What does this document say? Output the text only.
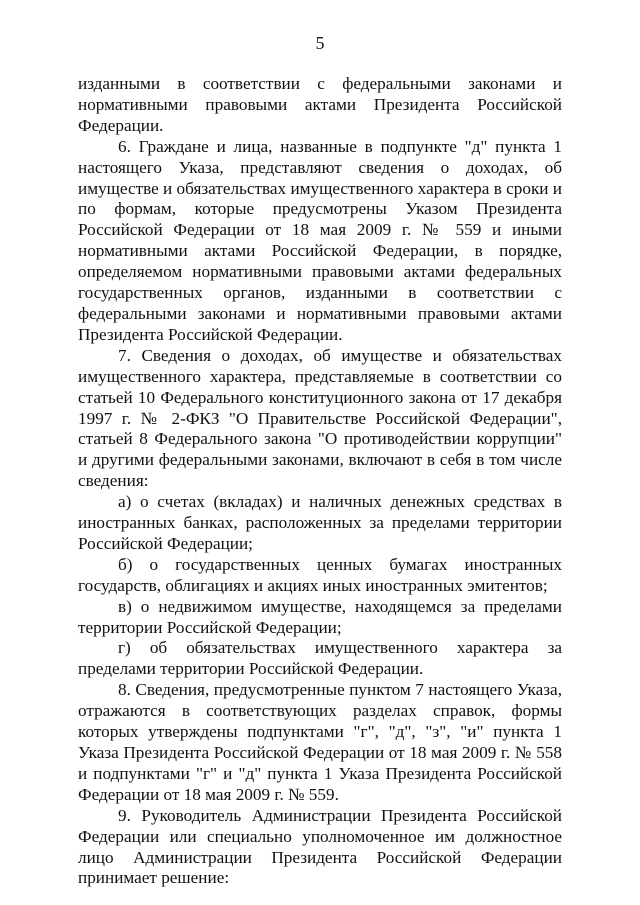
5

изданными в соответствии с федеральными законами и нормативными правовыми актами Президента Российской Федерации.

6. Граждане и лица, названные в подпункте "д" пункта 1 настоящего Указа, представляют сведения о доходах, об имуществе и обязательствах имущественного характера в сроки и по формам, которые предусмотрены Указом Президента Российской Федерации от 18 мая 2009 г. № 559 и иными нормативными актами Российской Федерации, в порядке, определяемом нормативными правовыми актами федеральных государственных органов, изданными в соответствии с федеральными законами и нормативными правовыми актами Президента Российской Федерации.

7. Сведения о доходах, об имуществе и обязательствах имущественного характера, представляемые в соответствии со статьей 10 Федерального конституционного закона от 17 декабря 1997 г. № 2-ФКЗ "О Правительстве Российской Федерации", статьей 8 Федерального закона "О противодействии коррупции" и другими федеральными законами, включают в себя в том числе сведения:

а) о счетах (вкладах) и наличных денежных средствах в иностранных банках, расположенных за пределами территории Российской Федерации;

б) о государственных ценных бумагах иностранных государств, облигациях и акциях иных иностранных эмитентов;

в) о недвижимом имуществе, находящемся за пределами территории Российской Федерации;

г) об обязательствах имущественного характера за пределами территории Российской Федерации.

8. Сведения, предусмотренные пунктом 7 настоящего Указа, отражаются в соответствующих разделах справок, формы которых утверждены подпунктами "г", "д", "з", "и" пункта 1 Указа Президента Российской Федерации от 18 мая 2009 г. № 558 и подпунктами "г" и "д" пункта 1 Указа Президента Российской Федерации от 18 мая 2009 г. № 559.

9. Руководитель Администрации Президента Российской Федерации или специально уполномоченное им должностное лицо Администрации Президента Российской Федерации принимает решение:
